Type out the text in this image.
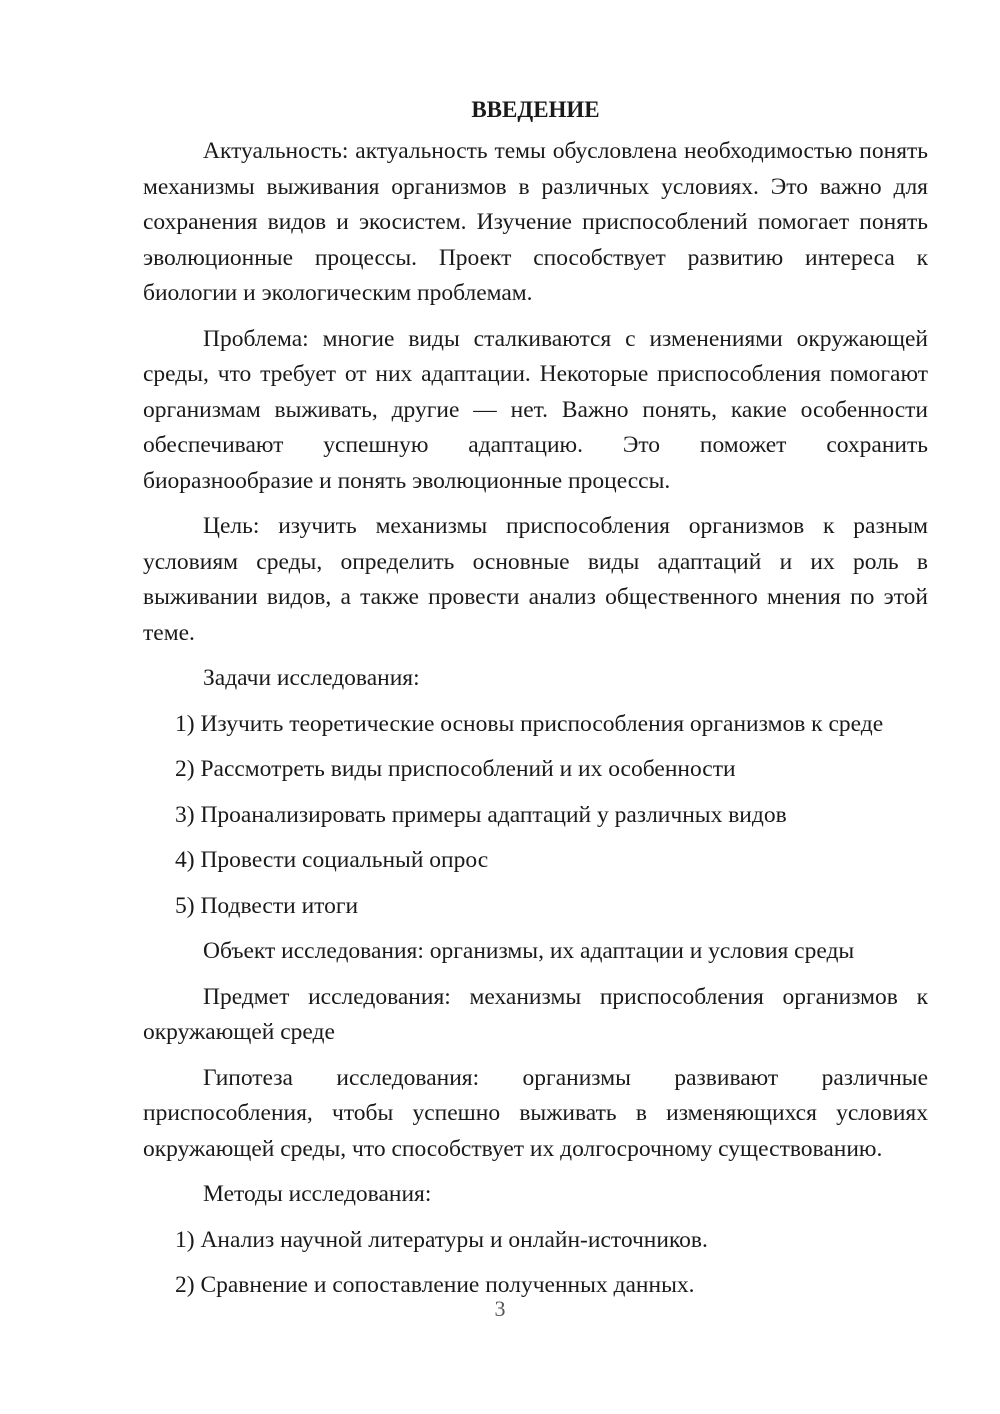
ВВЕДЕНИЕ

Актуальность: актуальность темы обусловлена необходимостью понять механизмы выживания организмов в различных условиях. Это важно для сохранения видов и экосистем. Изучение приспособлений помогает понять эволюционные процессы. Проект способствует развитию интереса к биологии и экологическим проблемам.

Проблема: многие виды сталкиваются с изменениями окружающей среды, что требует от них адаптации. Некоторые приспособления помогают организмам выживать, другие — нет. Важно понять, какие особенности обеспечивают успешную адаптацию. Это поможет сохранить биоразнообразие и понять эволюционные процессы.

Цель: изучить механизмы приспособления организмов к разным условиям среды, определить основные виды адаптаций и их роль в выживании видов, а также провести анализ общественного мнения по этой теме.

Задачи исследования:

1) Изучить теоретические основы приспособления организмов к среде

2) Рассмотреть виды приспособлений и их особенности

3) Проанализировать примеры адаптаций у различных видов

4) Провести социальный опрос

5) Подвести итоги

Объект исследования: организмы, их адаптации и условия среды

Предмет исследования: механизмы приспособления организмов к окружающей среде

Гипотеза исследования: организмы развивают различные приспособления, чтобы успешно выживать в изменяющихся условиях окружающей среды, что способствует их долгосрочному существованию.

Методы исследования:

1) Анализ научной литературы и онлайн-источников.

2) Сравнение и сопоставление полученных данных.

3
